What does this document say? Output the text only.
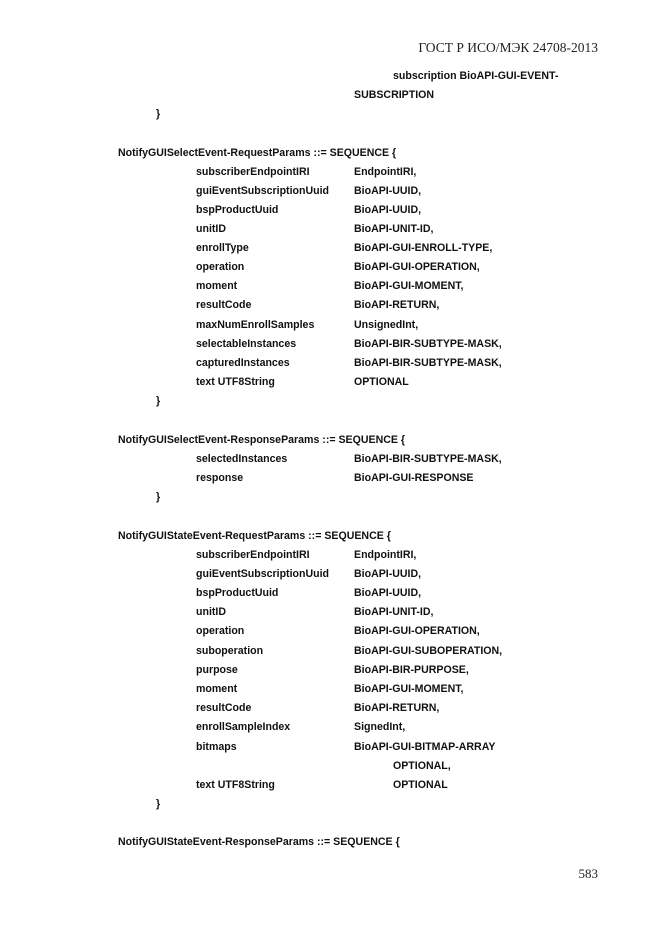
ГОСТ Р ИСО/МЭК 24708-2013
subscription BioAPI-GUI-EVENT-
SUBSCRIPTION
}
NotifyGUISelectEvent-RequestParams ::= SEQUENCE {
subscriberEndpointIRI	EndpointIRI,
guiEventSubscriptionUuid BioAPI-UUID,
bspProductUuid	BioAPI-UUID,
unitID	BioAPI-UNIT-ID,
enrollType	BioAPI-GUI-ENROLL-TYPE,
operation	BioAPI-GUI-OPERATION,
moment	BioAPI-GUI-MOMENT,
resultCode	BioAPI-RETURN,
maxNumEnrollSamples	UnsignedInt,
selectableInstances	BioAPI-BIR-SUBTYPE-MASK,
capturedInstances	BioAPI-BIR-SUBTYPE-MASK,
text UTF8String	OPTIONAL
}
NotifyGUISelectEvent-ResponseParams ::= SEQUENCE {
selectedInstances	BioAPI-BIR-SUBTYPE-MASK,
response	BioAPI-GUI-RESPONSE
}
NotifyGUIStateEvent-RequestParams ::= SEQUENCE {
subscriberEndpointIRI	EndpointIRI,
guiEventSubscriptionUuid BioAPI-UUID,
bspProductUuid	BioAPI-UUID,
unitID	BioAPI-UNIT-ID,
operation	BioAPI-GUI-OPERATION,
suboperation	BioAPI-GUI-SUBOPERATION,
purpose	BioAPI-BIR-PURPOSE,
moment	BioAPI-GUI-MOMENT,
resultCode	BioAPI-RETURN,
enrollSampleIndex	SignedInt,
bitmaps	BioAPI-GUI-BITMAP-ARRAY
OPTIONAL,
text UTF8String	OPTIONAL
}
NotifyGUIStateEvent-ResponseParams ::= SEQUENCE {
583
